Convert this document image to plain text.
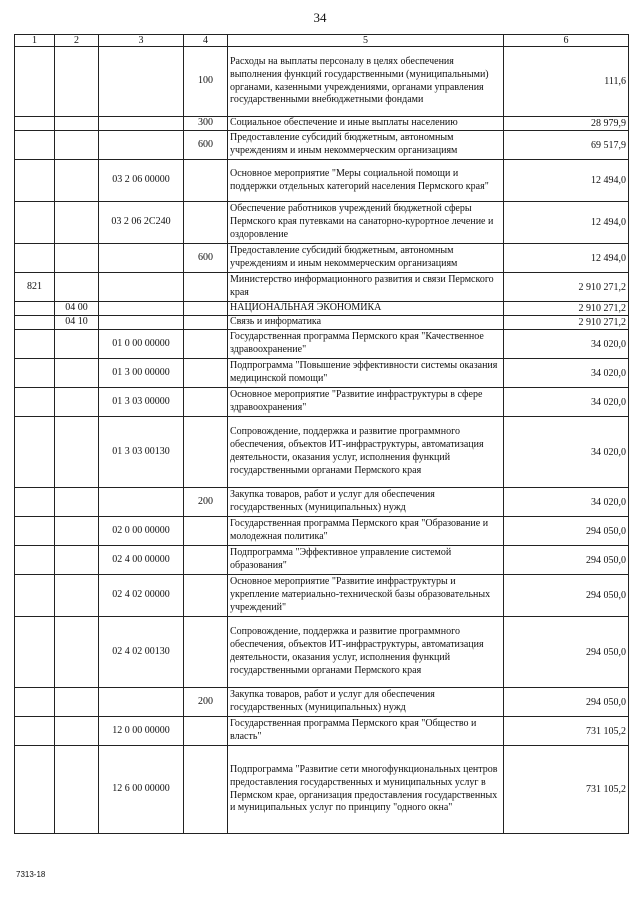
34
1	2	3	4	5	6
			100	Расходы на выплаты персоналу в целях обеспечения выполнения функций государственными (муниципальными) органами, казенными учреждениями, органами управления государственными внебюджетными фондами	111,6
			300	Социальное обеспечение и иные выплаты населению	28 979,9
			600	Предоставление субсидий бюджетным, автономным учреждениям и иным некоммерческим организациям	69 517,9
		03 2 06 00000		Основное мероприятие "Меры социальной помощи и поддержки отдельных категорий населения Пермского края"	12 494,0
		03 2 06 2С240		Обеспечение работников учреждений бюджетной сферы Пермского края путевками на санаторно-курортное лечение и оздоровление	12 494,0
			600	Предоставление субсидий бюджетным, автономным учреждениям и иным некоммерческим организациям	12 494,0
821				Министерство информационного развития и связи Пермского края	2 910 271,2
	04 00			НАЦИОНАЛЬНАЯ ЭКОНОМИКА	2 910 271,2
	04 10			Связь и информатика	2 910 271,2
		01 0 00 00000		Государственная программа Пермского края "Качественное здравоохранение"	34 020,0
		01 3 00 00000		Подпрограмма "Повышение эффективности системы оказания медицинской помощи"	34 020,0
		01 3 03 00000		Основное мероприятие "Развитие инфраструктуры в сфере здравоохранения"	34 020,0
		01 3 03 00130		Сопровождение, поддержка и развитие программного обеспечения, объектов ИТ-инфраструктуры, автоматизация деятельности, оказания услуг, исполнения функций государственными органами Пермского края	34 020,0
			200	Закупка товаров, работ и услуг для обеспечения государственных (муниципальных) нужд	34 020,0
		02 0 00 00000		Государственная программа Пермского края "Образование и молодежная политика"	294 050,0
		02 4 00 00000		Подпрограмма "Эффективное управление системой образования"	294 050,0
		02 4 02 00000		Основное мероприятие "Развитие инфраструктуры и укрепление материально-технической базы образовательных учреждений"	294 050,0
		02 4 02 00130		Сопровождение, поддержка и развитие программного обеспечения, объектов ИТ-инфраструктуры, автоматизация деятельности, оказания услуг, исполнения функций государственными органами Пермского края	294 050,0
			200	Закупка товаров, работ и услуг для обеспечения государственных (муниципальных) нужд	294 050,0
		12 0 00 00000		Государственная программа Пермского края "Общество и власть"	731 105,2
		12 6 00 00000		Подпрограмма "Развитие сети многофункциональных центров предоставления государственных и муниципальных услуг в Пермском крае, организация предоставления государственных и муниципальных услуг по принципу "одного окна"	731 105,2
7313-18
